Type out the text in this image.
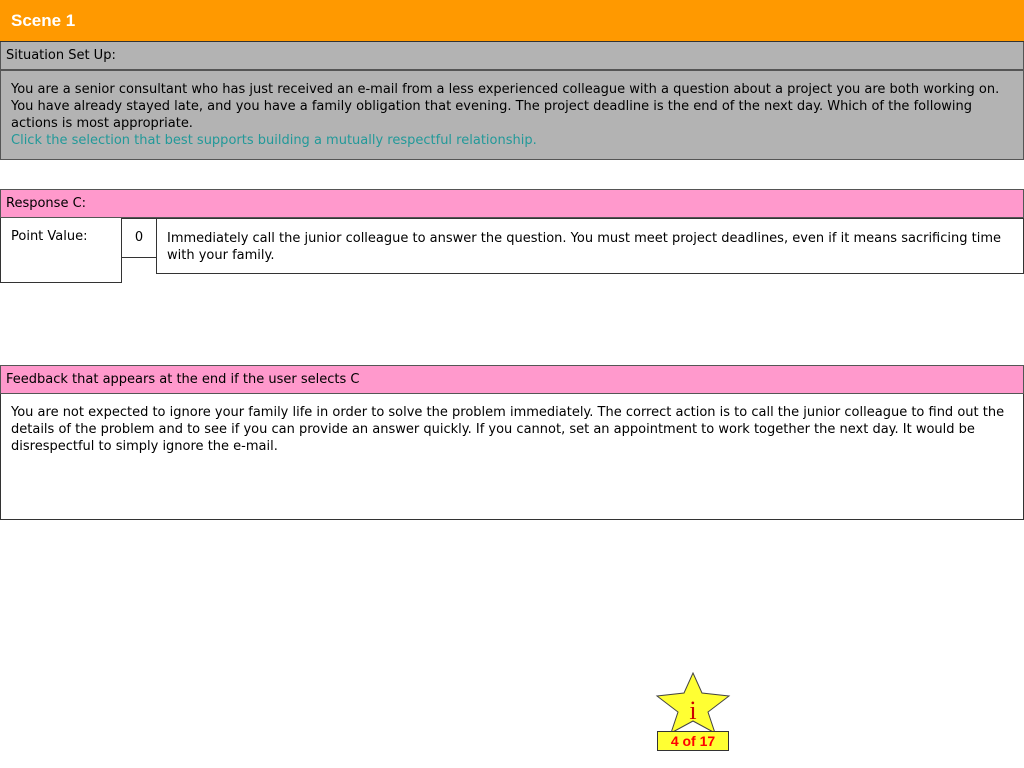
Scene 1
Situation Set Up:
You are a senior consultant who has just received an e-mail from a less experienced colleague with a question about a project you are both working on. You have already stayed late, and you have a family obligation that evening. The project deadline is the end of the next day. Which of the following actions is most appropriate.
Click the selection that best supports building a mutually respectful relationship.
Response C:
Point Value:	0	Immediately call the junior colleague to answer the question. You must meet project deadlines, even if it means sacrificing time with your family.
Feedback that appears at the end if the user selects C
You are not expected to ignore your family life in order to solve the problem immediately. The correct action is to call the junior colleague to find out the details of the problem and to see if you can provide an answer quickly. If you cannot, set an appointment to work together the next day. It would be disrespectful to simply ignore the e-mail.
i
4 of 17
